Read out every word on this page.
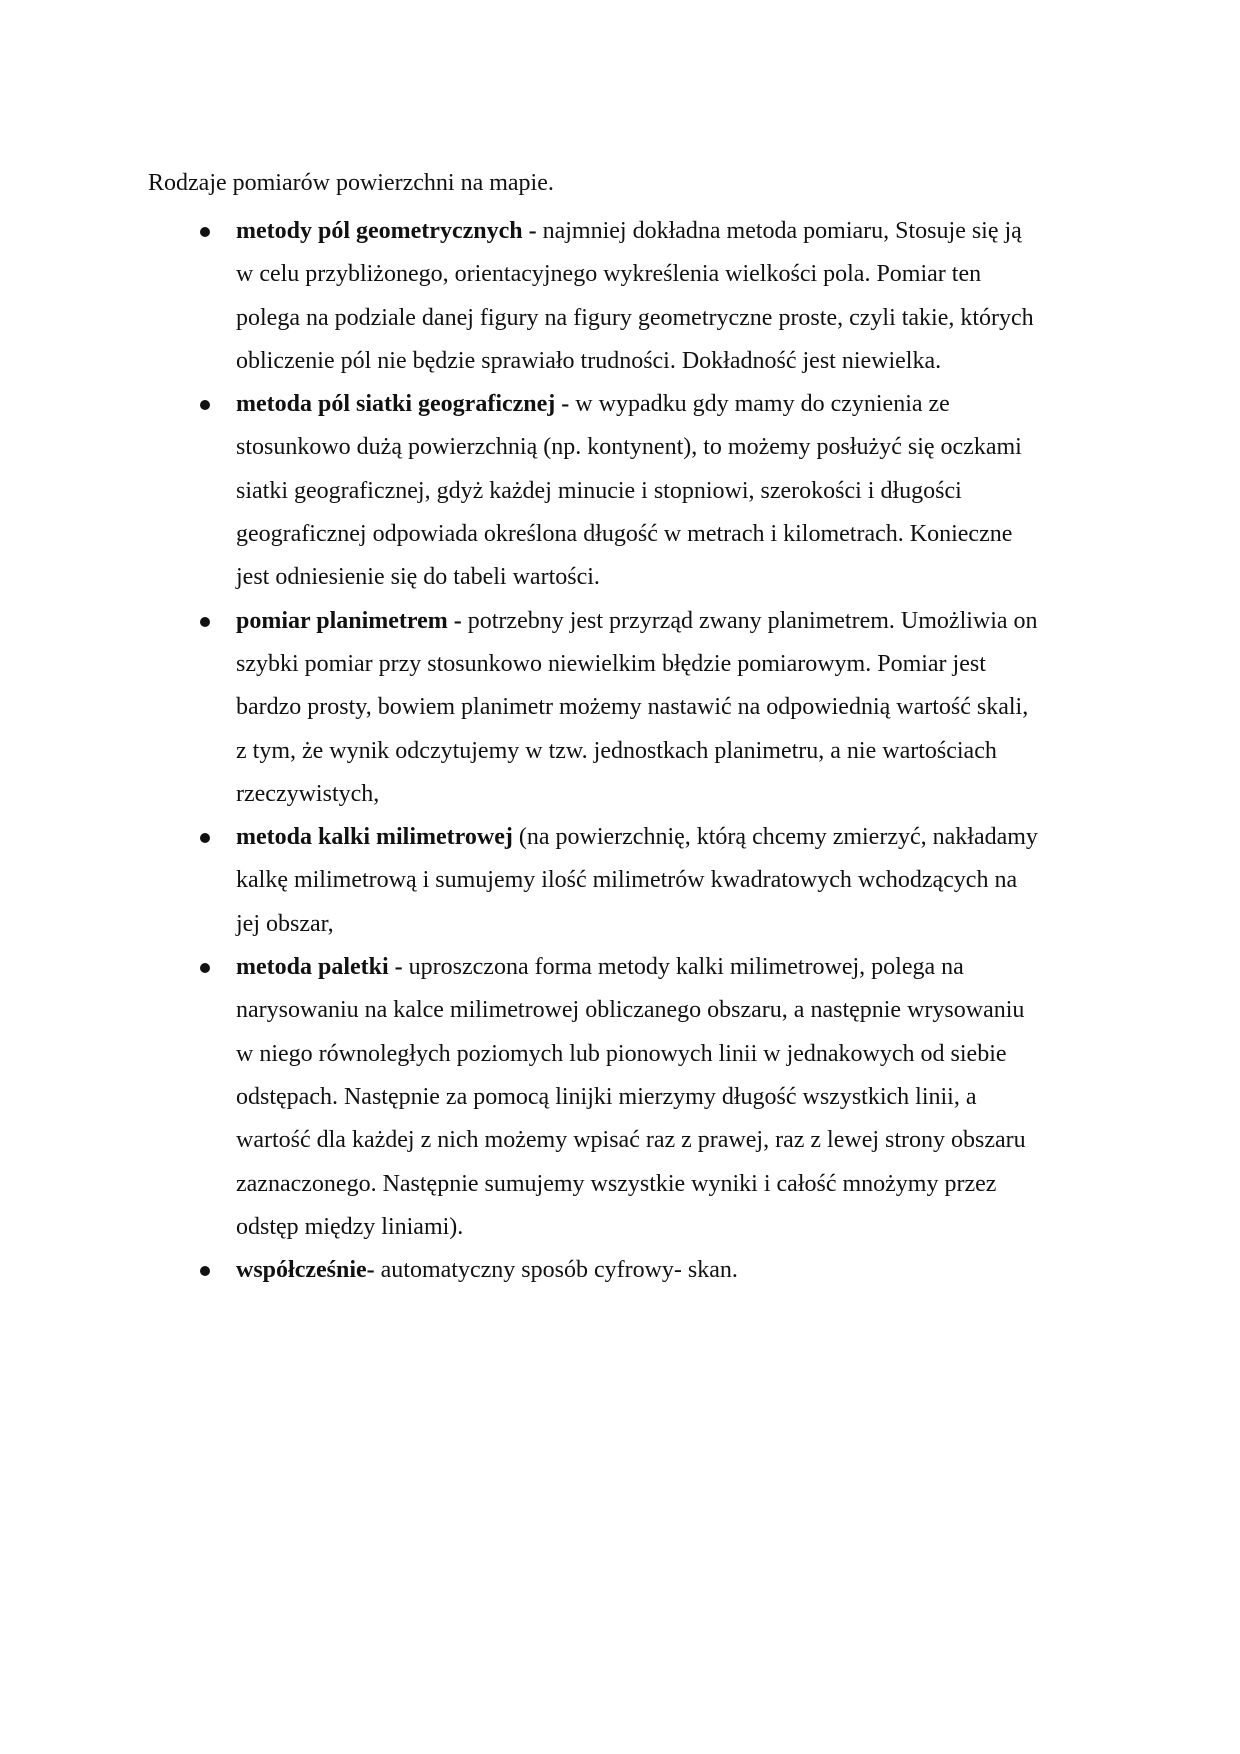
Rodzaje pomiarów powierzchni na mapie.
metody pól geometrycznych - najmniej dokładna metoda pomiaru, Stosuje się ją
w celu przybliżonego, orientacyjnego wykreślenia wielkości pola. Pomiar ten
polega na podziale danej figury na figury geometryczne proste, czyli takie, których
obliczenie pól nie będzie sprawiało trudności. Dokładność jest niewielka.
metoda pól siatki geograficznej - w wypadku gdy mamy do czynienia ze
stosunkowo dużą powierzchnią (np. kontynent), to możemy posłużyć się oczkami
siatki geograficznej, gdyż każdej minucie i stopniowi, szerokości i długości
geograficznej odpowiada określona długość w metrach i kilometrach. Konieczne
jest odniesienie się do tabeli wartości.
pomiar planimetrem - potrzebny jest przyrząd zwany planimetrem. Umożliwia on
szybki pomiar przy stosunkowo niewielkim błędzie pomiarowym. Pomiar jest
bardzo prosty, bowiem planimetr możemy nastawić na odpowiednią wartość skali,
z tym, że wynik odczytujemy w tzw. jednostkach planimetru, a nie wartościach
rzeczywistych,
metoda kalki milimetrowej (na powierzchnię, którą chcemy zmierzyć, nakładamy
kalkę milimetrową i sumujemy ilość milimetrów kwadratowych wchodzących na
jej obszar,
metoda paletki - uproszczona forma metody kalki milimetrowej, polega na
narysowaniu na kalce milimetrowej obliczanego obszaru, a następnie wrysowaniu
w niego równoległych poziomych lub pionowych linii w jednakowych od siebie
odstępach. Następnie za pomocą linijki mierzymy długość wszystkich linii, a
wartość dla każdej z nich możemy wpisać raz z prawej, raz z lewej strony obszaru
zaznaczonego. Następnie sumujemy wszystkie wyniki i całość mnożymy przez
odstęp między liniami).
współcześnie- automatyczny sposób cyfrowy- skan.
